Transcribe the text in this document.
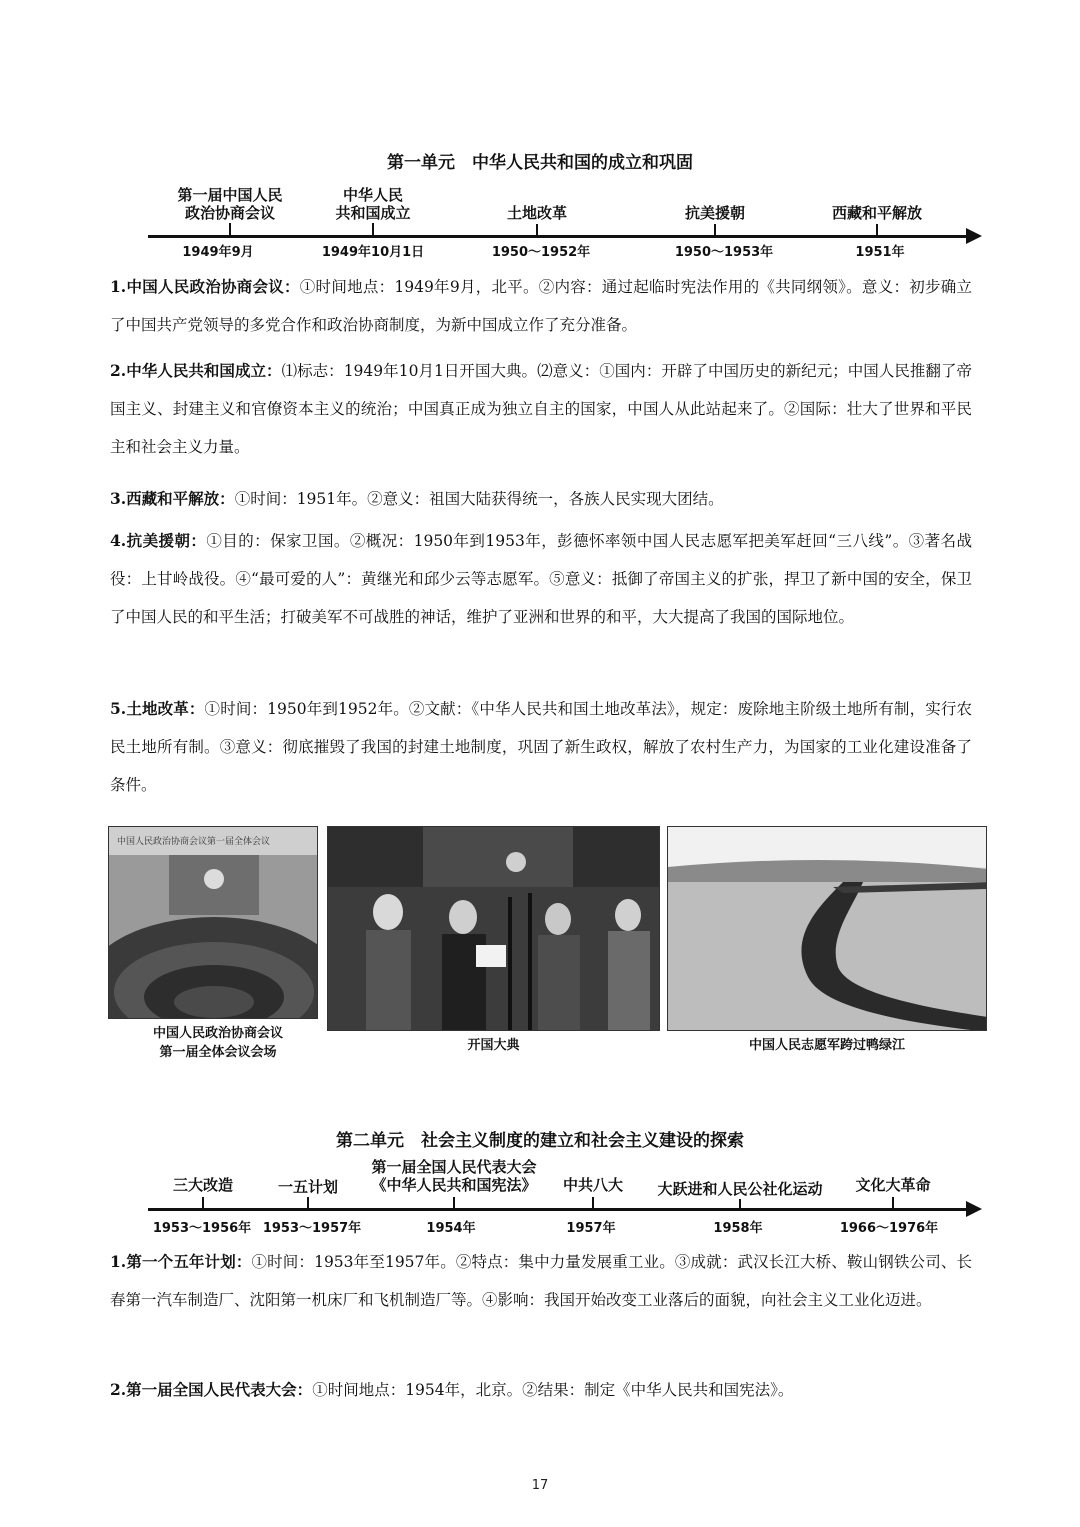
第一单元　中华人民共和国的成立和巩固
第一届中国人民
政治协商会议
1949年9月
中华人民
共和国成立
1949年10月1日
土地改革
1950～1952年
抗美援朝
1950～1953年
西藏和平解放
1951年
1.中国人民政治协商会议：①时间地点：1949年9月，北平。②内容：通过起临时宪法作用的《共同纲领》。意义：初步确立了中国共产党领导的多党合作和政治协商制度，为新中国成立作了充分准备。
2.中华人民共和国成立：⑴标志：1949年10月1日开国大典。⑵意义：①国内：开辟了中国历史的新纪元；中国人民推翻了帝国主义、封建主义和官僚资本主义的统治；中国真正成为独立自主的国家，中国人从此站起来了。②国际：壮大了世界和平民主和社会主义力量。
3.西藏和平解放：①时间：1951年。②意义：祖国大陆获得统一，各族人民实现大团结。
4.抗美援朝：①目的：保家卫国。②概况：1950年到1953年，彭德怀率领中国人民志愿军把美军赶回“三八线”。③著名战役：上甘岭战役。④“最可爱的人”：黄继光和邱少云等志愿军。⑤意义：抵御了帝国主义的扩张，捍卫了新中国的安全，保卫了中国人民的和平生活；打破美军不可战胜的神话，维护了亚洲和世界的和平，大大提高了我国的国际地位。
5.土地改革：①时间：1950年到1952年。②文献：《中华人民共和国土地改革法》，规定：废除地主阶级土地所有制，实行农民土地所有制。③意义：彻底摧毁了我国的封建土地制度，巩固了新生政权，解放了农村生产力，为国家的工业化建设准备了条件。
中国人民政治协商会议第一届全体会议
中国人民政治协商会议
第一届全体会议会场	开国大典	中国人民志愿军跨过鸭绿江
第二单元　社会主义制度的建立和社会主义建设的探索
三大改造
1953～1956年
一五计划
1953～1957年
第一届全国人民代表大会
《中华人民共和国宪法》
1954年
中共八大
1957年
大跃进和人民公社化运动
1958年
文化大革命
1966～1976年
1.第一个五年计划：①时间：1953年至1957年。②特点：集中力量发展重工业。③成就：武汉长江大桥、鞍山钢铁公司、长春第一汽车制造厂、沈阳第一机床厂和飞机制造厂等。④影响：我国开始改变工业落后的面貌，向社会主义工业化迈进。
2.第一届全国人民代表大会：①时间地点：1954年，北京。②结果：制定《中华人民共和国宪法》。
17
